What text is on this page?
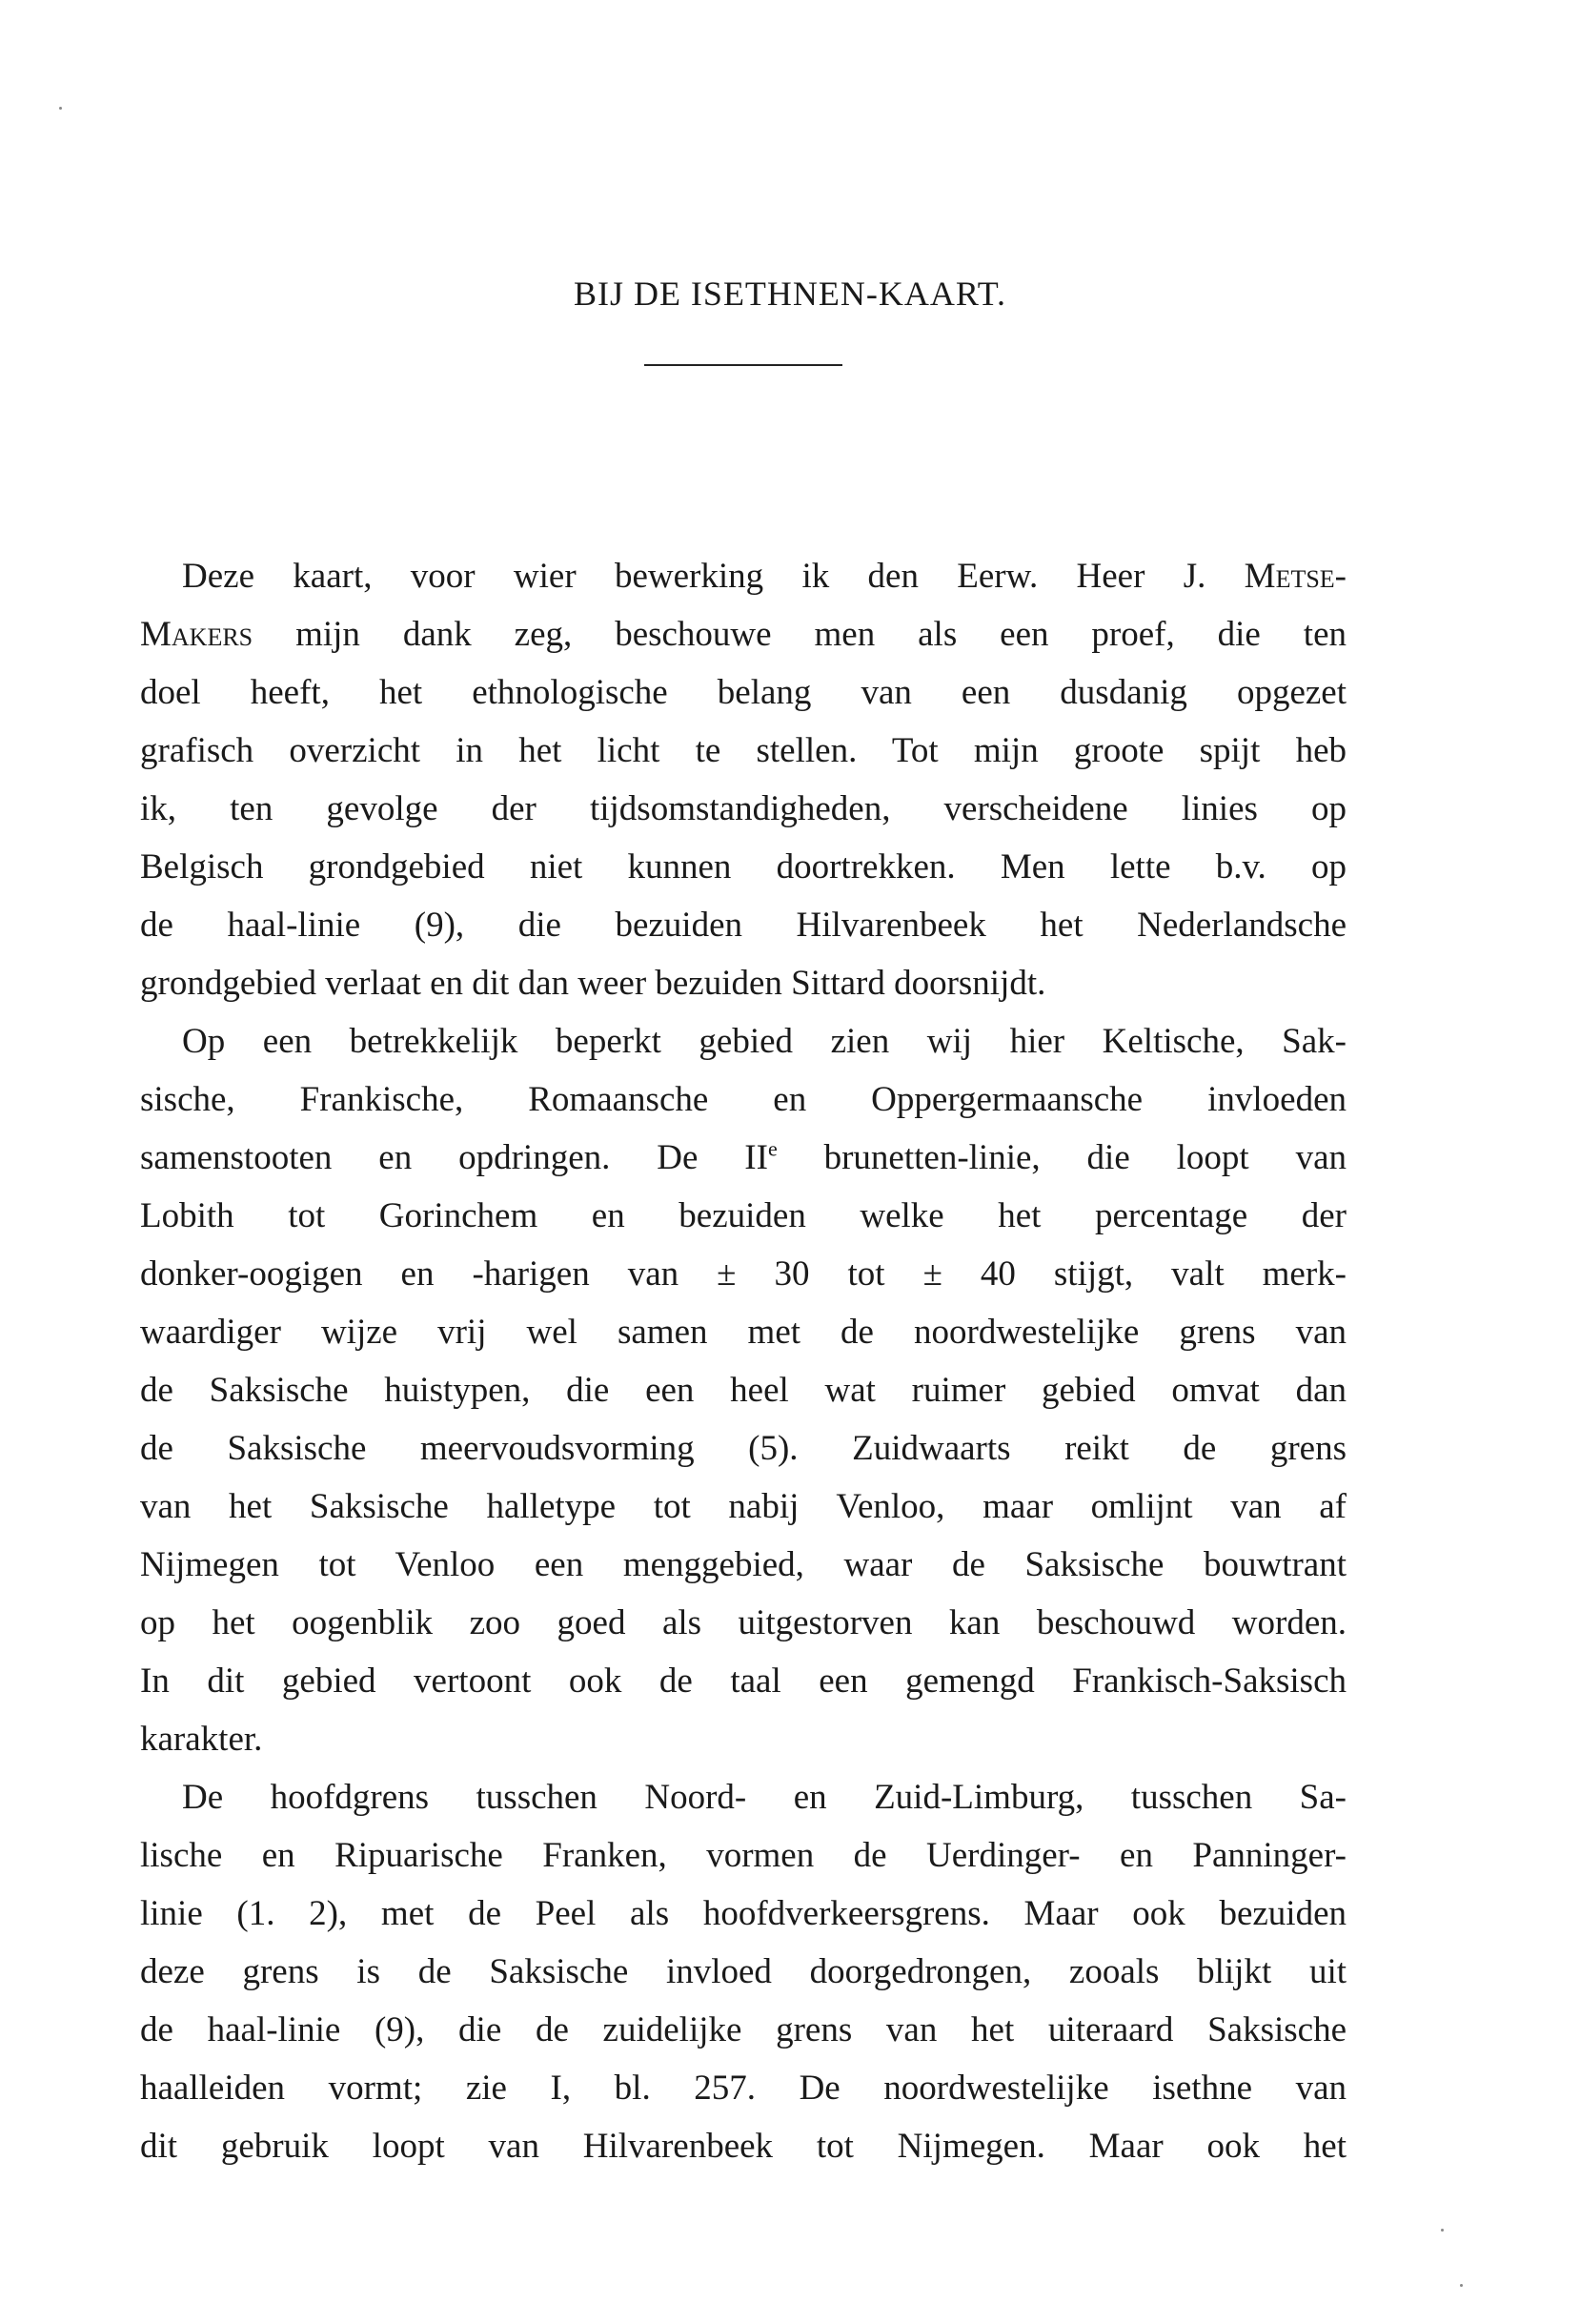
BIJ DE ISETHNEN-KAART.
Deze kaart, voor wier bewerking ik den Eerw. Heer J. Metse-
Makers mijn dank zeg, beschouwe men als een proef, die ten
doel heeft, het ethnologische belang van een dusdanig opgezet
grafisch overzicht in het licht te stellen. Tot mijn groote spijt heb
ik, ten gevolge der tijdsomstandigheden, verscheidene linies op
Belgisch grondgebied niet kunnen doortrekken. Men lette b.v. op
de haal-linie (9), die bezuiden Hilvarenbeek het Nederlandsche
grondgebied verlaat en dit dan weer bezuiden Sittard doorsnijdt.
Op een betrekkelijk beperkt gebied zien wij hier Keltische, Sak-
sische, Frankische, Romaansche en Oppergermaansche invloeden
samenstooten en opdringen. De IIe brunetten-linie, die loopt van
Lobith tot Gorinchem en bezuiden welke het percentage der
donker-oogigen en -harigen van ± 30 tot ± 40 stijgt, valt merk-
waardiger wijze vrij wel samen met de noordwestelijke grens van
de Saksische huistypen, die een heel wat ruimer gebied omvat dan
de Saksische meervoudsvorming (5). Zuidwaarts reikt de grens
van het Saksische halletype tot nabij Venloo, maar omlijnt van af
Nijmegen tot Venloo een menggebied, waar de Saksische bouwtrant
op het oogenblik zoo goed als uitgestorven kan beschouwd worden.
In dit gebied vertoont ook de taal een gemengd Frankisch-Saksisch
karakter.
De hoofdgrens tusschen Noord- en Zuid-Limburg, tusschen Sa-
lische en Ripuarische Franken, vormen de Uerdinger- en Panninger-
linie (1. 2), met de Peel als hoofdverkeersgrens. Maar ook bezuiden
deze grens is de Saksische invloed doorgedrongen, zooals blijkt uit
de haal-linie (9), die de zuidelijke grens van het uiteraard Saksische
haalleiden vormt; zie I, bl. 257. De noordwestelijke isethne van
dit gebruik loopt van Hilvarenbeek tot Nijmegen. Maar ook het
